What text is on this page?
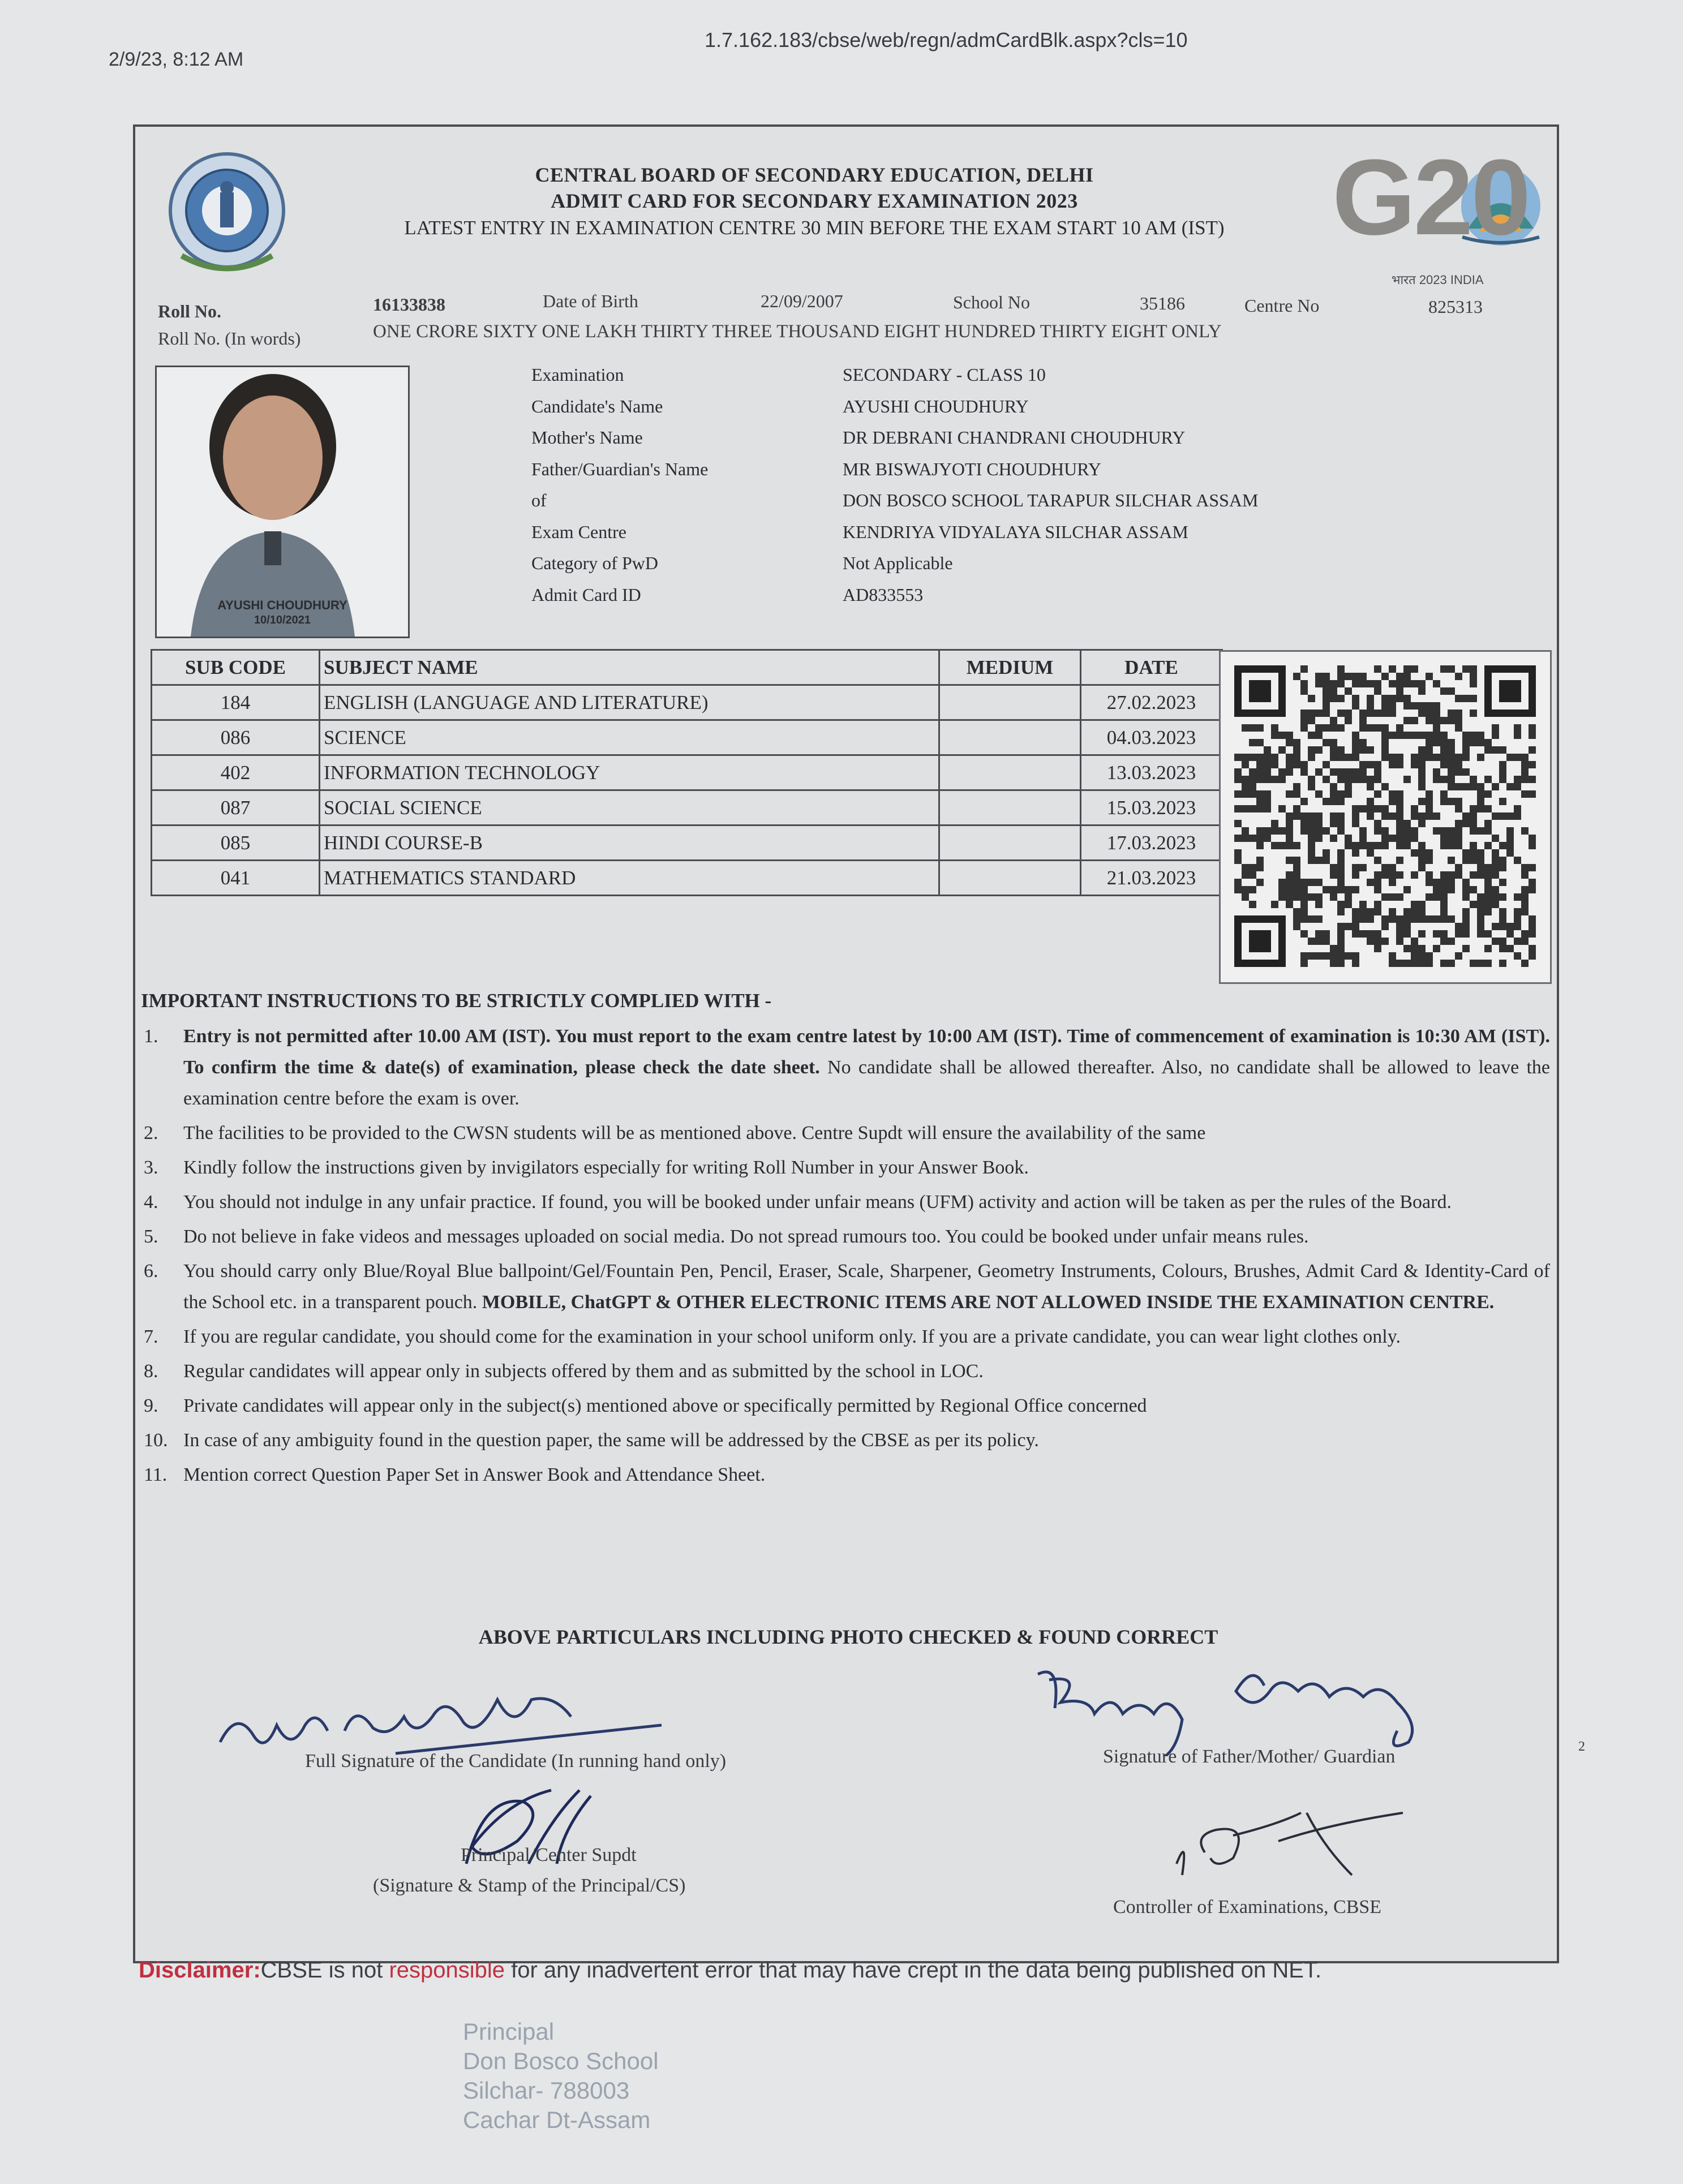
2/9/23, 8:12 AM
1.7.162.183/cbse/web/regn/admCardBlk.aspx?cls=10
G20
भारत 2023 INDIA
CENTRAL BOARD OF SECONDARY EDUCATION, DELHI
ADMIT CARD FOR SECONDARY EXAMINATION 2023
LATEST ENTRY IN EXAMINATION CENTRE 30 MIN BEFORE THE EXAM START 10 AM (IST)
Roll No.	16133838	Date of Birth	22/09/2007	School No	35186	Centre No	825313
Roll No. (In words)	ONE CRORE SIXTY ONE LAKH THIRTY THREE THOUSAND EIGHT HUNDRED THIRTY EIGHT ONLY
AYUSHI CHOUDHURY
10/10/2021
Examination	SECONDARY - CLASS 10
Candidate's Name	AYUSHI CHOUDHURY
Mother's Name	DR DEBRANI CHANDRANI CHOUDHURY
Father/Guardian's Name	MR BISWAJYOTI CHOUDHURY
of	DON BOSCO SCHOOL TARAPUR SILCHAR ASSAM
Exam Centre	KENDRIYA VIDYALAYA SILCHAR ASSAM
Category of PwD	Not Applicable
Admit Card ID	AD833553
SUB CODE	SUBJECT NAME	MEDIUM	DATE
184	ENGLISH (LANGUAGE AND LITERATURE)		27.02.2023
086	SCIENCE		04.03.2023
402	INFORMATION TECHNOLOGY		13.03.2023
087	SOCIAL SCIENCE		15.03.2023
085	HINDI COURSE-B		17.03.2023
041	MATHEMATICS STANDARD		21.03.2023
IMPORTANT INSTRUCTIONS TO BE STRICTLY COMPLIED WITH -
1. Entry is not permitted after 10.00 AM (IST). You must report to the exam centre latest by 10:00 AM (IST). Time of commencement of examination is 10:30 AM (IST). To confirm the time & date(s) of examination, please check the date sheet. No candidate shall be allowed thereafter. Also, no candidate shall be allowed to leave the examination centre before the exam is over.
2. The facilities to be provided to the CWSN students will be as mentioned above. Centre Supdt will ensure the availability of the same
3. Kindly follow the instructions given by invigilators especially for writing Roll Number in your Answer Book.
4. You should not indulge in any unfair practice. If found, you will be booked under unfair means (UFM) activity and action will be taken as per the rules of the Board.
5. Do not believe in fake videos and messages uploaded on social media. Do not spread rumours too. You could be booked under unfair means rules.
6. You should carry only Blue/Royal Blue ballpoint/Gel/Fountain Pen, Pencil, Eraser, Scale, Sharpener, Geometry Instruments, Colours, Brushes, Admit Card & Identity-Card of the School etc. in a transparent pouch. MOBILE, ChatGPT & OTHER ELECTRONIC ITEMS ARE NOT ALLOWED INSIDE THE EXAMINATION CENTRE.
7. If you are regular candidate, you should come for the examination in your school uniform only. If you are a private candidate, you can wear light clothes only.
8. Regular candidates will appear only in subjects offered by them and as submitted by the school in LOC.
9. Private candidates will appear only in the subject(s) mentioned above or specifically permitted by Regional Office concerned
10. In case of any ambiguity found in the question paper, the same will be addressed by the CBSE as per its policy.
11. Mention correct Question Paper Set in Answer Book and Attendance Sheet.
ABOVE PARTICULARS INCLUDING PHOTO CHECKED & FOUND CORRECT
Full Signature of the Candidate (In running hand only)	Signature of Father/Mother/ Guardian	2
Principal/Center Supdt
(Signature & Stamp of the Principal/CS)
Controller of Examinations, CBSE
Disclaimer:CBSE is not responsible for any inadvertent error that may have crept in the data being published on NET.
Principal
Don Bosco School
Silchar- 788003
Cachar Dt-Assam
